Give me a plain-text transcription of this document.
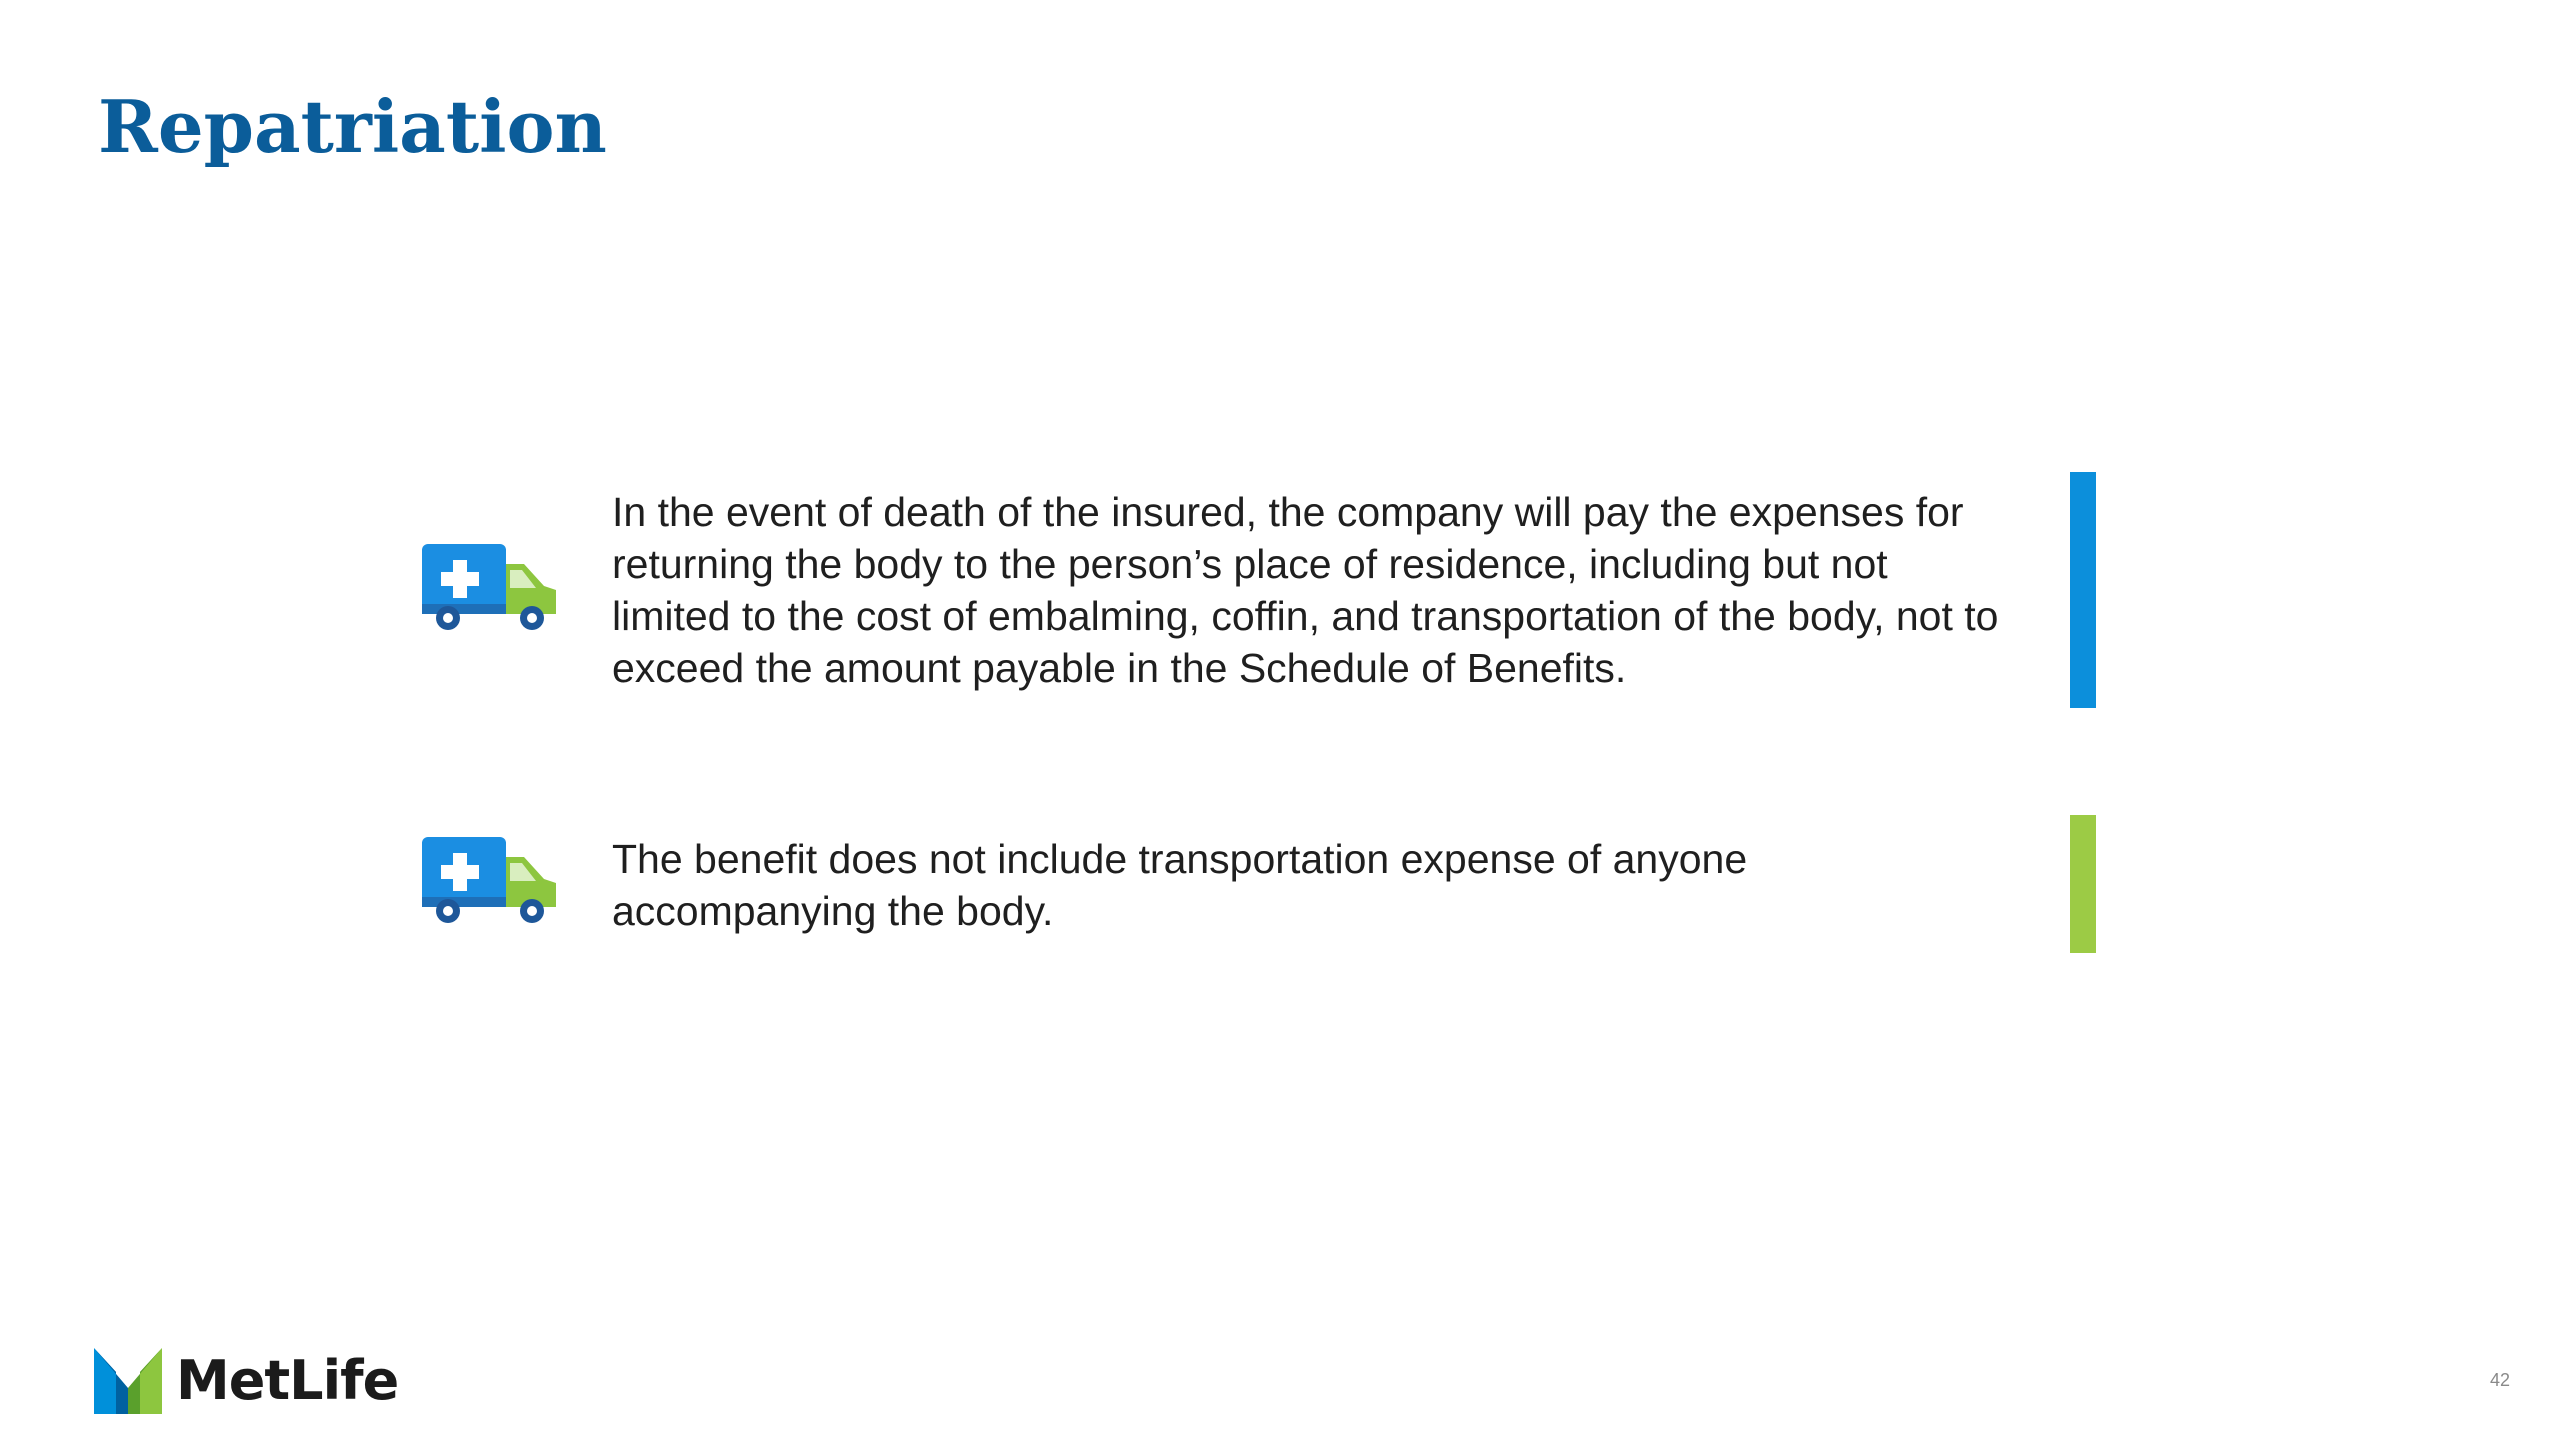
Repatriation

In the event of death of the insured, the company will pay the expenses for returning the body to the person’s place of residence, including but not limited to the cost of embalming, coffin, and transportation of the body, not to exceed the amount payable in the Schedule of Benefits.

The benefit does not include transportation expense of anyone accompanying the body.

MetLife	42
